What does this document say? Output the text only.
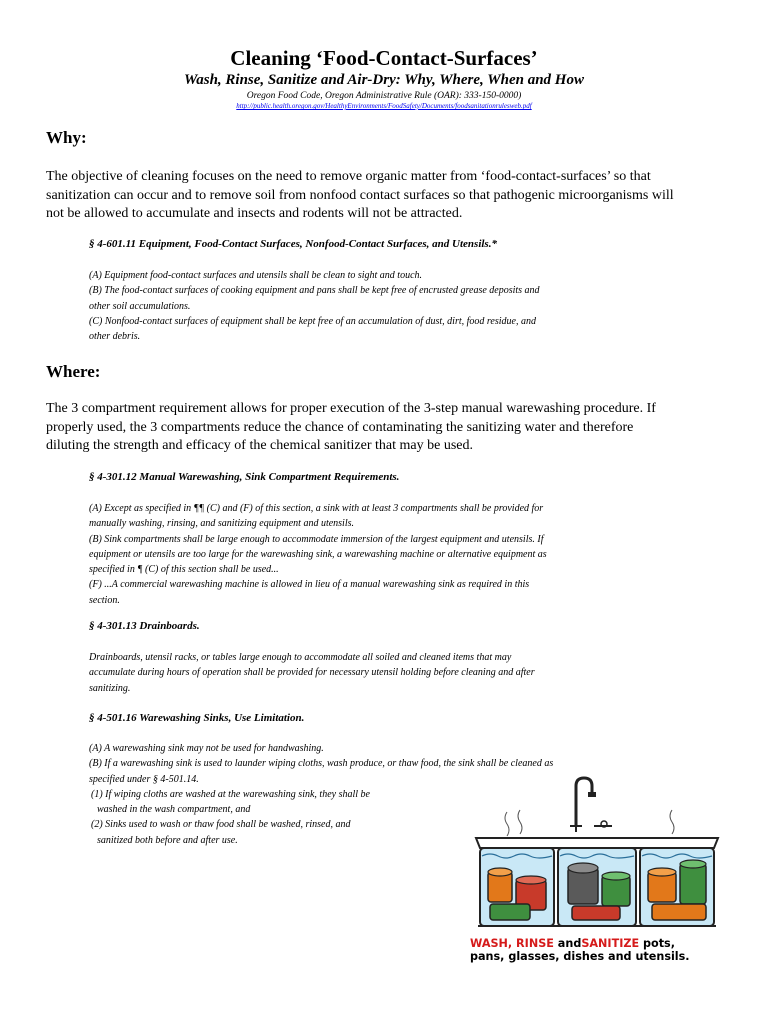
Cleaning ‘Food-Contact-Surfaces’
Wash, Rinse, Sanitize and Air-Dry: Why, Where, When and How
Oregon Food Code, Oregon Administrative Rule (OAR): 333-150-0000)
http://public.health.oregon.gov/HealthyEnvironments/FoodSafety/Documents/foodsanitationrulesweb.pdf
Why:
The objective of cleaning focuses on the need to remove organic matter from ‘food-contact-surfaces’ so that
sanitization can occur and to remove soil from nonfood contact surfaces so that pathogenic microorganisms will
not be allowed to accumulate and insects and rodents will not be attracted.
§ 4-601.11 Equipment, Food-Contact Surfaces, Nonfood-Contact Surfaces, and Utensils.*
(A) Equipment food-contact surfaces and utensils shall be clean to sight and touch.
(B) The food-contact surfaces of cooking equipment and pans shall be kept free of encrusted grease deposits and
other soil accumulations.
(C) Nonfood-contact surfaces of equipment shall be kept free of an accumulation of dust, dirt, food residue, and
other debris.
Where:
The 3 compartment requirement allows for proper execution of the 3-step manual warewashing procedure. If
properly used, the 3 compartments reduce the chance of contaminating the sanitizing water and therefore
diluting the strength and efficacy of the chemical sanitizer that may be used.
§ 4-301.12 Manual Warewashing, Sink Compartment Requirements.
(A) Except as specified in ¶¶ (C) and (F) of this section, a sink with at least 3 compartments shall be provided for
manually washing, rinsing, and sanitizing equipment and utensils.
(B) Sink compartments shall be large enough to accommodate immersion of the largest equipment and utensils. If
equipment or utensils are too large for the warewashing sink, a warewashing machine or alternative equipment as
specified in ¶ (C) of this section shall be used...
(F) ...A commercial warewashing machine is allowed in lieu of a manual warewashing sink as required in this
section.
§ 4-301.13 Drainboards.
Drainboards, utensil racks, or tables large enough to accommodate all soiled and cleaned items that may
accumulate during hours of operation shall be provided for necessary utensil holding before cleaning and after
sanitizing.
§ 4-501.16 Warewashing Sinks, Use Limitation.
(A) A warewashing sink may not be used for handwashing.
(B) If a warewashing sink is used to launder wiping cloths, wash produce, or thaw food, the sink shall be cleaned as
specified under § 4-501.14.
(1) If wiping cloths are washed at the warewashing sink, they shall be
washed in the wash compartment, and
(2) Sinks used to wash or thaw food shall be washed, rinsed, and
sanitized both before and after use.
WASH, RINSE andSANITIZE pots,
pans, glasses, dishes and utensils.
